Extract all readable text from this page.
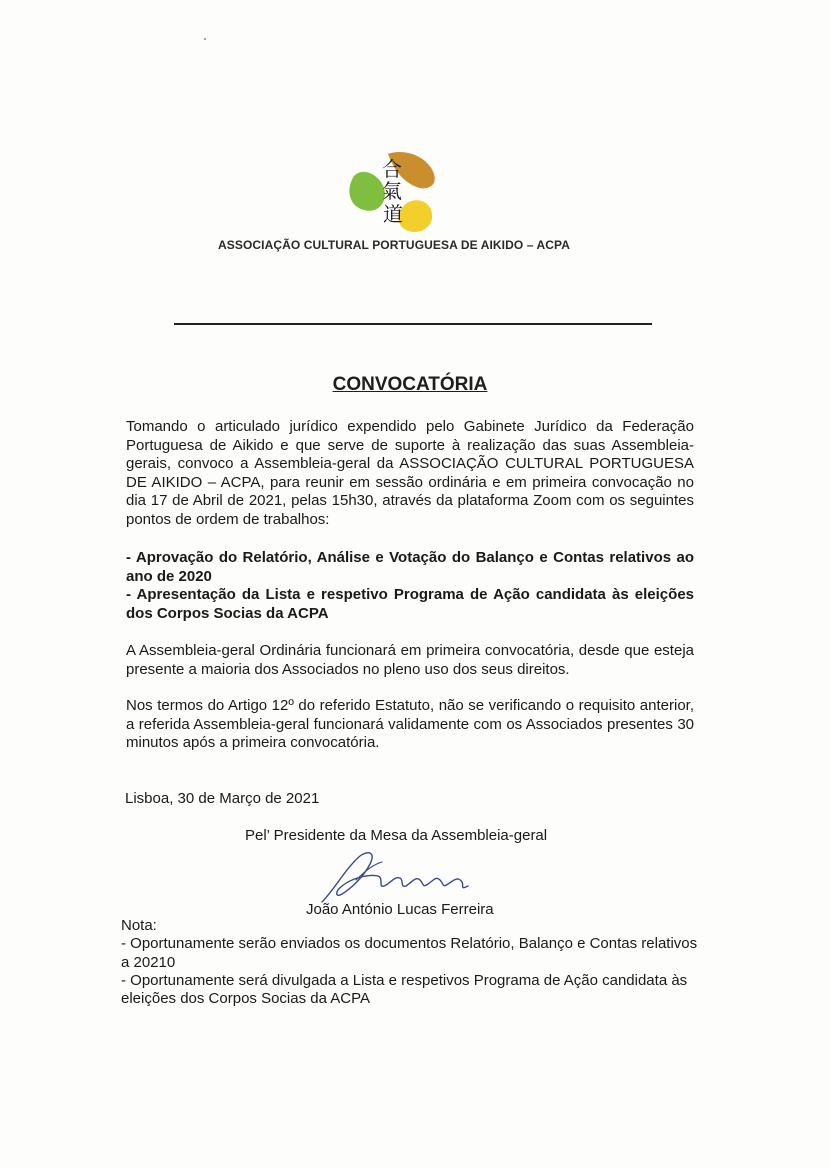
合
氣
道
ASSOCIAÇÃO CULTURAL PORTUGUESA DE AIKIDO – ACPA
CONVOCATÓRIA
Tomando o articulado jurídico expendido pelo Gabinete Jurídico da Federação Portuguesa de Aikido e que serve de suporte à realização das suas Assembleia-gerais, convoco a Assembleia-geral da ASSOCIAÇÃO CULTURAL PORTUGUESA DE AIKIDO – ACPA, para reunir em sessão ordinária e em primeira convocação no dia 17 de Abril de 2021, pelas 15h30, através da plataforma Zoom com os seguintes pontos de ordem de trabalhos:
- Aprovação do Relatório, Análise e Votação do Balanço e Contas relativos ao ano de 2020
- Apresentação da Lista e respetivo Programa de Ação candidata às eleições dos Corpos Socias da ACPA
A Assembleia-geral Ordinária funcionará em primeira convocatória, desde que esteja presente a maioria dos Associados no pleno uso dos seus direitos.
Nos termos do Artigo 12º do referido Estatuto, não se verificando o requisito anterior, a referida Assembleia-geral funcionará validamente com os Associados presentes 30 minutos após a primeira convocatória.
Lisboa, 30 de Março de 2021
Pel’ Presidente da Mesa da Assembleia-geral
João António Lucas Ferreira
Nota:
- Oportunamente serão enviados os documentos Relatório, Balanço e Contas relativos a 20210
- Oportunamente será divulgada a Lista e respetivos Programa de Ação candidata às eleições dos Corpos Socias da ACPA
